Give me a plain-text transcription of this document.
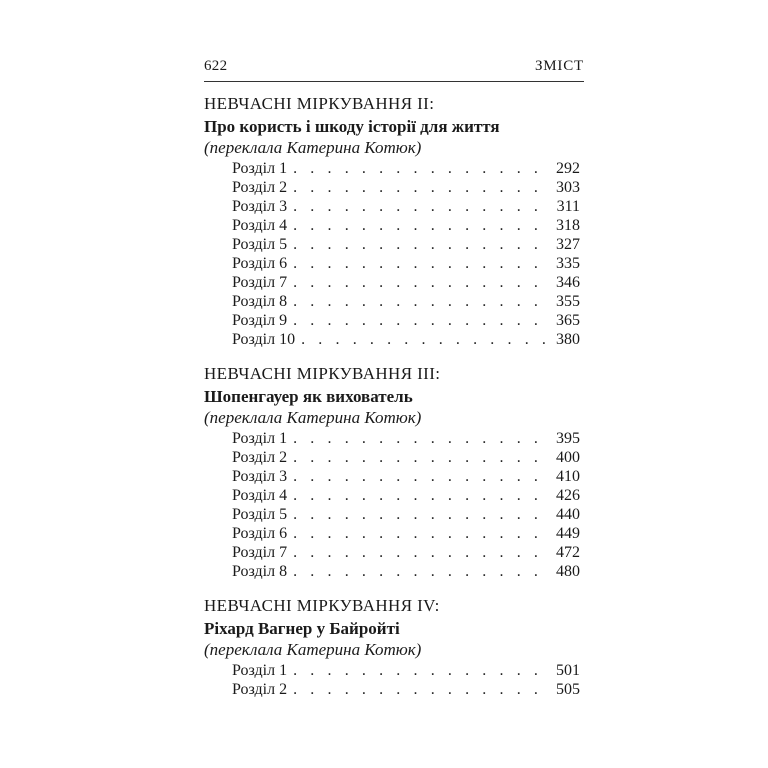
622	ЗМІСТ
НЕВЧАСНІ МІРКУВАННЯ ІІ:
Про користь і шкоду історії для життя
(переклала Катерина Котюк)
Розділ 1 . . .	292
Розділ 2 . . .	303
Розділ 3 . . .	311
Розділ 4 . . .	318
Розділ 5 . . .	327
Розділ 6 . . .	335
Розділ 7 . . .	346
Розділ 8 . . .	355
Розділ 9 . . .	365
Розділ 10 . . .	380
НЕВЧАСНІ МІРКУВАННЯ ІІІ:
Шопенгауер як вихователь
(переклала Катерина Котюк)
Розділ 1 . . .	395
Розділ 2 . . .	400
Розділ 3 . . .	410
Розділ 4 . . .	426
Розділ 5 . . .	440
Розділ 6 . . .	449
Розділ 7 . . .	472
Розділ 8 . . .	480
НЕВЧАСНІ МІРКУВАННЯ IV:
Ріхард Вагнер у Байройті
(переклала Катерина Котюк)
Розділ 1 . . .	501
Розділ 2 . . .	505
